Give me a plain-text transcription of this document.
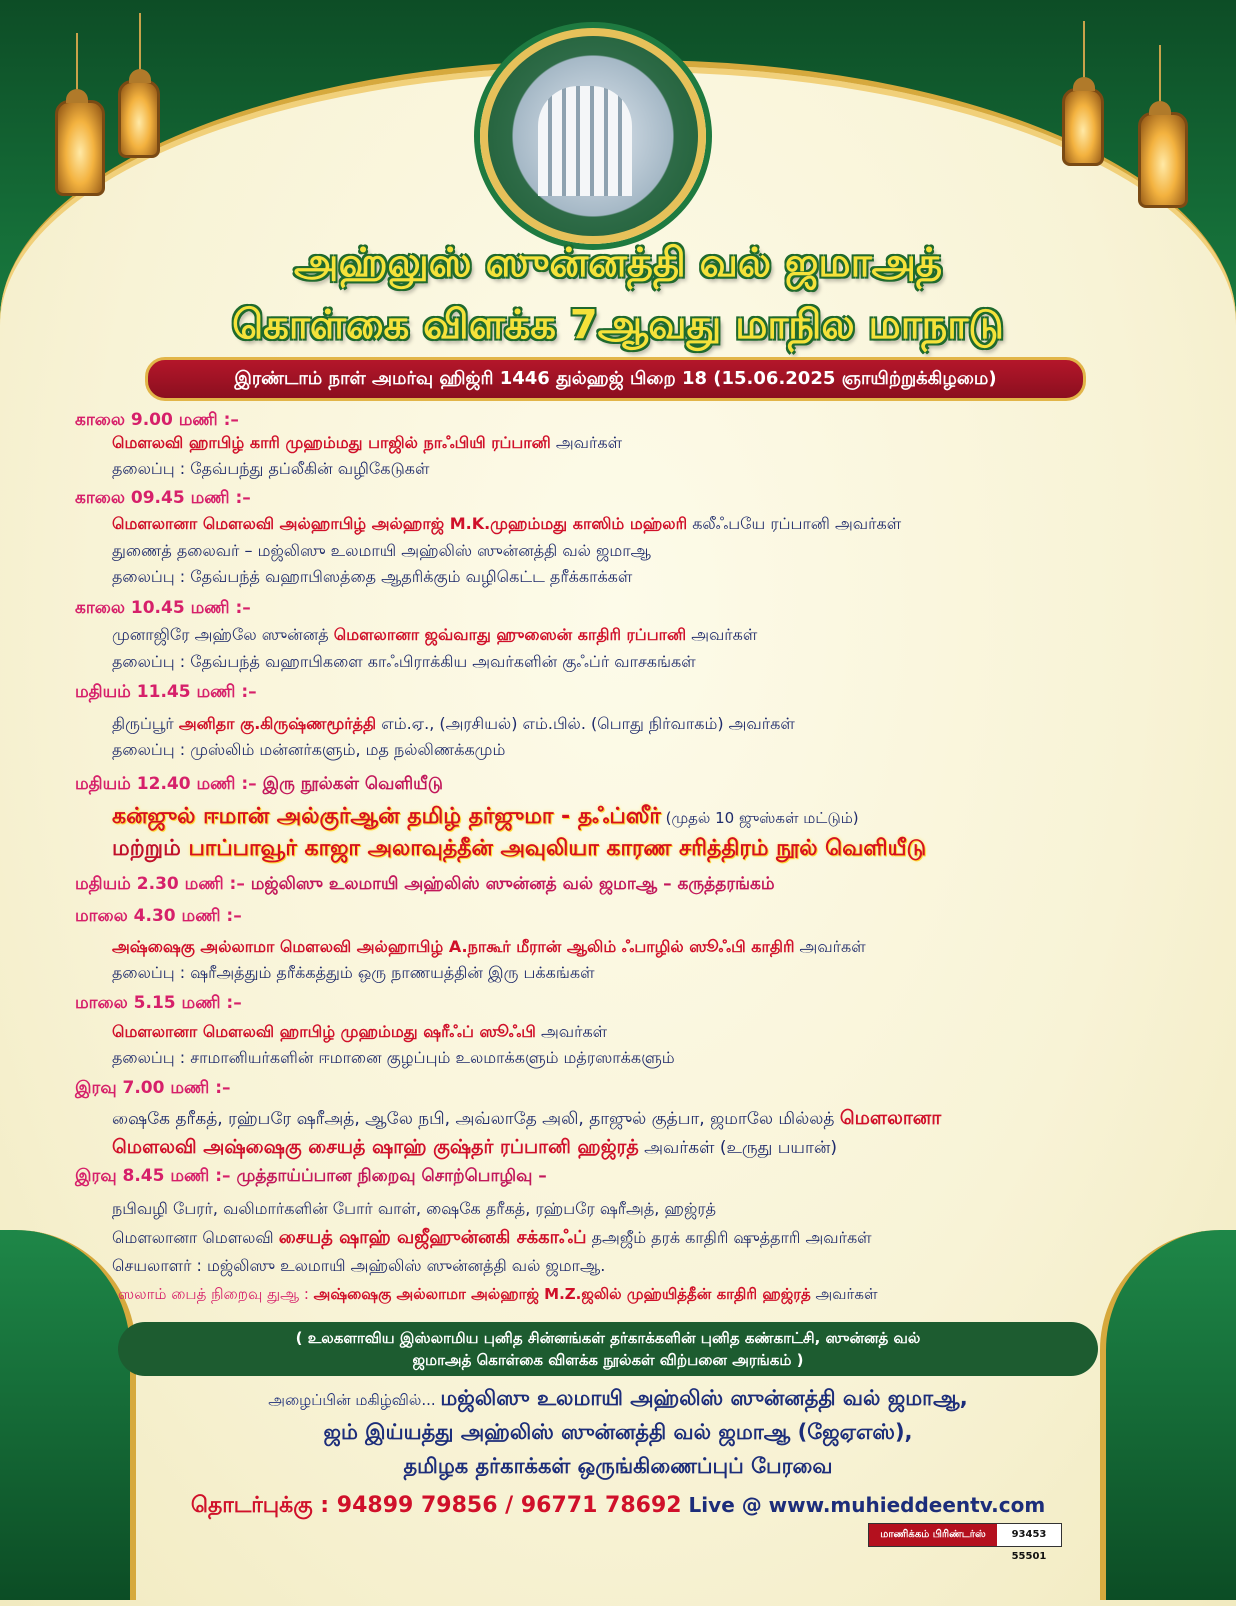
அஹ்லுஸ் ஸுன்னத்தி வல் ஜமாஅத்
கொள்கை விளக்க 7ஆவது மாநில மாநாடு
இரண்டாம் நாள் அமர்வு ஹிஜ்ரி 1446 துல்ஹஜ் பிறை 18 (15.06.2025 ஞாயிற்றுக்கிழமை)
காலை 9.00 மணி :–
மௌலவி ஹாபிழ் காரி முஹம்மது பாஜில் நாஃபியி ரப்பானி அவர்கள்
தலைப்பு : தேவ்பந்து தப்லீகின் வழிகேடுகள்
காலை 09.45 மணி :–
மௌலானா மௌலவி அல்ஹாபிழ் அல்ஹாஜ் M.K.முஹம்மது காஸிம் மஹ்லரி கலீஃபயே ரப்பானி அவர்கள்
துணைத் தலைவர் – மஜ்லிஸு உலமாயி அஹ்லிஸ் ஸுன்னத்தி வல் ஜமாஆ
தலைப்பு : தேவ்பந்த் வஹாபிஸத்தை ஆதரிக்கும் வழிகெட்ட தரீக்காக்கள்
காலை 10.45 மணி :–
முனாஜிரே அஹ்லே ஸுன்னத் மௌலானா ஜவ்வாது ஹுஸைன் காதிரி ரப்பானி அவர்கள்
தலைப்பு : தேவ்பந்த் வஹாபிகளை காஃபிராக்கிய அவர்களின் குஃப்ர் வாசகங்கள்
மதியம் 11.45 மணி :–
திருப்பூர் அனிதா கு.கிருஷ்ணமூர்த்தி எம்.ஏ., (அரசியல்) எம்.பில். (பொது நிர்வாகம்) அவர்கள்
தலைப்பு : முஸ்லிம் மன்னர்களும், மத நல்லிணக்கமும்
மதியம் 12.40 மணி :– இரு நூல்கள் வெளியீடு
கன்ஜுல் ஈமான் அல்குர்ஆன் தமிழ் தர்ஜுமா - தஃப்ஸீர் (முதல் 10 ஜுஸ்கள் மட்டும்)
மற்றும் பாப்பாவூர் காஜா அலாவுத்தீன் அவுலியா காரண சரித்திரம் நூல் வெளியீடு
மதியம் 2.30 மணி :– மஜ்லிஸு உலமாயி அஹ்லிஸ் ஸுன்னத் வல் ஜமாஆ – கருத்தரங்கம்
மாலை 4.30 மணி :–
அஷ்ஷைகு அல்லாமா மௌலவி அல்ஹாபிழ் A.நாகூர் மீரான் ஆலிம் ஃபாழில் ஸூஃபி காதிரி அவர்கள்
தலைப்பு : ஷரீஅத்தும் தரீக்கத்தும் ஒரு நாணயத்தின் இரு பக்கங்கள்
மாலை 5.15 மணி :–
மௌலானா மௌலவி ஹாபிழ் முஹம்மது ஷரீஃப் ஸூஃபி அவர்கள்
தலைப்பு : சாமானியர்களின் ஈமானை குழப்பும் உலமாக்களும் மத்ரஸாக்களும்
இரவு 7.00 மணி :–
ஷைகே தரீகத், ரஹ்பரே ஷரீஅத், ஆலே நபி, அவ்லாதே அலி, தாஜுல் குத்பா, ஜமாலே மில்லத் மௌலானா
மௌலவி அஷ்ஷைகு சையத் ஷாஹ் குஷ்தர் ரப்பானி ஹஜ்ரத் அவர்கள் (உருது பயான்)
இரவு 8.45 மணி :– முத்தாய்ப்பான நிறைவு சொற்பொழிவு –
நபிவழி பேரர், வலிமார்களின் போர் வாள், ஷைகே தரீகத், ரஹ்பரே ஷரீஅத், ஹஜ்ரத்
மௌலானா மௌலவி சையத் ஷாஹ் வஜீஹுன்னகி சக்காஃப் தஅஜீம் தரக் காதிரி ஷுத்தாரி அவர்கள்
செயலாளர் : மஜ்லிஸு உலமாயி அஹ்லிஸ் ஸுன்னத்தி வல் ஜமாஆ.
ஸலாம் பைத் நிறைவு துஆ : அஷ்ஷைகு அல்லாமா அல்ஹாஜ் M.Z.ஜலில் முஹ்யித்தீன் காதிரி ஹஜ்ரத் அவர்கள்
( உலகளாவிய இஸ்லாமிய புனித சின்னங்கள் தர்காக்களின் புனித கண்காட்சி, ஸுன்னத் வல்
ஜமாஅத் கொள்கை விளக்க நூல்கள் விற்பனை அரங்கம் )
அழைப்பின் மகிழ்வில்... மஜ்லிஸு உலமாயி அஹ்லிஸ் ஸுன்னத்தி வல் ஜமாஆ,
ஜம் இய்யத்து அஹ்லிஸ் ஸுன்னத்தி வல் ஜமாஆ (ஜேஏஎஸ்),
தமிழக தர்காக்கள் ஒருங்கிணைப்புப் பேரவை
தொடர்புக்கு : 94899 79856 / 96771 78692 Live @ www.muhieddeentv.com
மாணிக்கம் பிரிண்டர்ஸ்	93453 55501
